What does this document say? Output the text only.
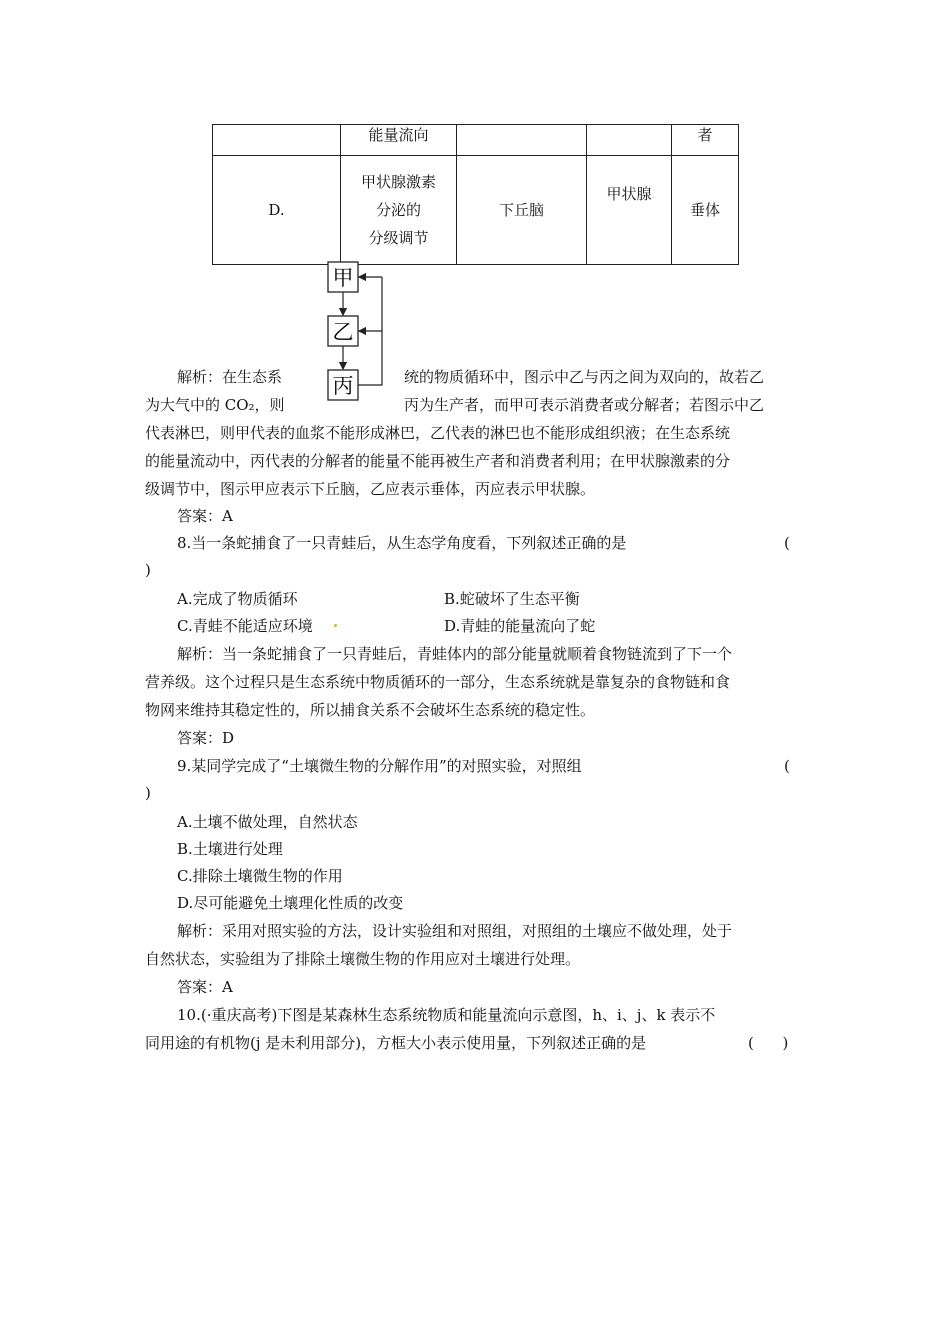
	能量流向			者
D.	甲状腺激素
分泌的
分级调节	下丘脑	甲状腺	垂体
甲
乙
丙
解析：在生态系	统的物质循环中，图示中乙与丙之间为双向的，故若乙
为大气中的 CO₂，则	丙为生产者，而甲可表示消费者或分解者；若图示中乙
代表淋巴，则甲代表的血浆不能形成淋巴，乙代表的淋巴也不能形成组织液；在生态系统
的能量流动中，丙代表的分解者的能量不能再被生产者和消费者利用；在甲状腺激素的分
级调节中，图示甲应表示下丘脑，乙应表示垂体，丙应表示甲状腺。
答案：A
8.当一条蛇捕食了一只青蛙后，从生态学角度看，下列叙述正确的是	(
)
A.完成了物质循环	B.蛇破坏了生态平衡
C.青蛙不能适应环境	D.青蛙的能量流向了蛇
解析：当一条蛇捕食了一只青蛙后，青蛙体内的部分能量就顺着食物链流到了下一个
营养级。这个过程只是生态系统中物质循环的一部分，生态系统就是靠复杂的食物链和食
物网来维持其稳定性的，所以捕食关系不会破坏生态系统的稳定性。
答案：D
9.某同学完成了“土壤微生物的分解作用”的对照实验，对照组	(
)
A.土壤不做处理，自然状态
B.土壤进行处理
C.排除土壤微生物的作用
D.尽可能避免土壤理化性质的改变
解析：采用对照实验的方法，设计实验组和对照组，对照组的土壤应不做处理，处于
自然状态，实验组为了排除土壤微生物的作用应对土壤进行处理。
答案：A
10.(·重庆高考)下图是某森林生态系统物质和能量流向示意图，h、i、j、k 表示不
同用途的有机物(j 是未利用部分)，方框大小表示使用量，下列叙述正确的是	(      )
